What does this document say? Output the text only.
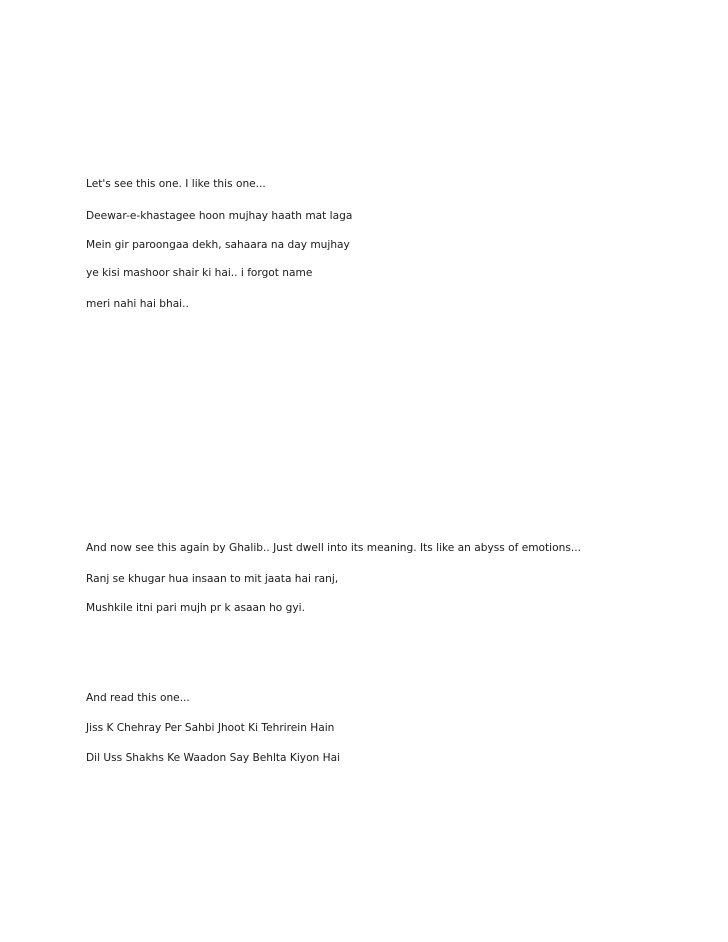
Let's see this one. I like this one...

Deewar-e-khastagee hoon mujhay haath mat laga

Mein gir paroongaa dekh, sahaara na day mujhay

ye kisi mashoor shair ki hai.. i forgot name

meri nahi hai bhai..

And now see this again by Ghalib.. Just dwell into its meaning. Its like an abyss of emotions...

Ranj se khugar hua insaan to mit jaata hai ranj,

Mushkile itni pari mujh pr k asaan ho gyi.

And read this one...

Jiss K Chehray Per Sahbi Jhoot Ki Tehrirein Hain

Dil Uss Shakhs Ke Waadon Say Behlta Kiyon Hai
